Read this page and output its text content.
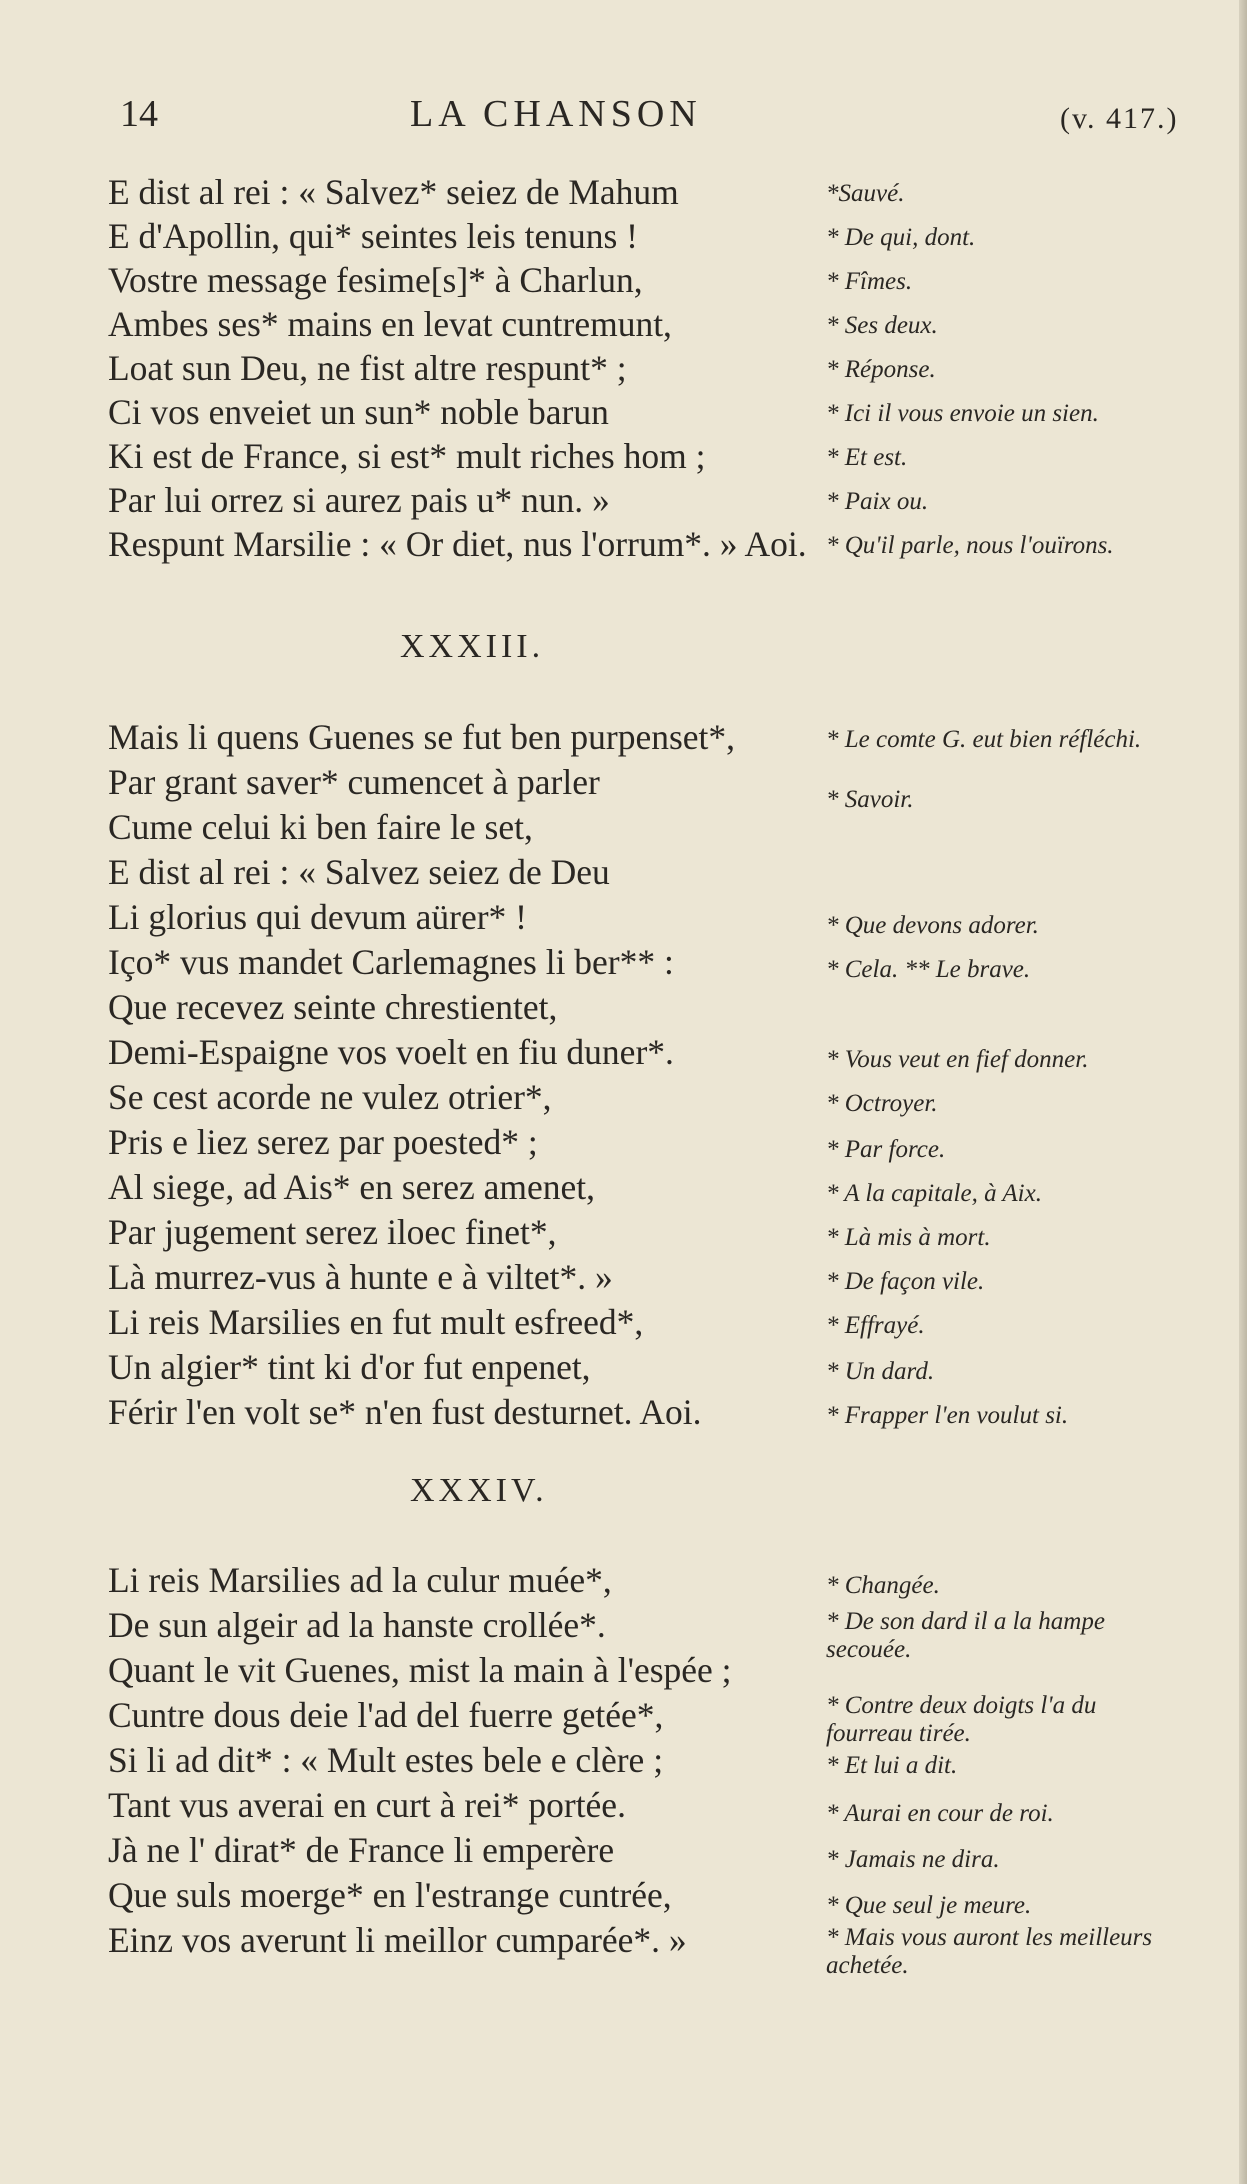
14	LA CHANSON	(v. 417.)
E dist al rei : « Salvez* seiez de Mahum
E d'Apollin, qui* seintes leis tenuns !
Vostre message fesime[s]* à Charlun,
Ambes ses* mains en levat cuntremunt,
Loat sun Deu, ne fist altre respunt* ;
Ci vos enveiet un sun* noble barun
Ki est de France, si est* mult riches hom ;
Par lui orrez si aurez pais u* nun. »
Respunt Marsilie : « Or diet, nus l'orrum*. » Aoi.
*Sauvé.
* De qui, dont.
* Fîmes.
* Ses deux.
* Réponse.
* Ici il vous envoie un sien.
* Et est.
* Paix ou.
* Qu'il parle, nous l'ouïrons.
XXXIII.
Mais li quens Guenes se fut ben purpenset*,
Par grant saver* cumencet à parler
Cume celui ki ben faire le set,
E dist al rei : « Salvez seiez de Deu
Li glorius qui devum aürer* !
Iço* vus mandet Carlemagnes li ber** :
Que recevez seinte chrestientet,
Demi-Espaigne vos voelt en fiu duner*.
Se cest acorde ne vulez otrier*,
Pris e liez serez par poested* ;
Al siege, ad Ais* en serez amenet,
Par jugement serez iloec finet*,
Là murrez-vus à hunte e à viltet*. »
Li reis Marsilies en fut mult esfreed*,
Un algier* tint ki d'or fut enpenet,
Férir l'en volt se* n'en fust desturnet. Aoi.
* Le comte G. eut bien réfléchi.
* Savoir.
* Que devons adorer.
* Cela. ** Le brave.
* Vous veut en fief donner.
* Octroyer.
* Par force.
* A la capitale, à Aix.
* Là mis à mort.
* De façon vile.
* Effrayé.
* Un dard.
* Frapper l'en voulut si.
XXXIV.
Li reis Marsilies ad la culur muée*,
De sun algeir ad la hanste crollée*.
Quant le vit Guenes, mist la main à l'espée ;
Cuntre dous deie l'ad del fuerre getée*,
Si li ad dit* : « Mult estes bele e clère ;
Tant vus averai en curt à rei* portée.
Jà ne l' dirat* de France li emperère
Que suls moerge* en l'estrange cuntrée,
Einz vos averunt li meillor cumparée*. »
* Changée.
* De son dard il a la hampe secouée.
* Contre deux doigts l'a du fourreau tirée.
* Et lui a dit.
* Aurai en cour de roi.
* Jamais ne dira.
* Que seul je meure.
* Mais vous auront les meilleurs achetée.
